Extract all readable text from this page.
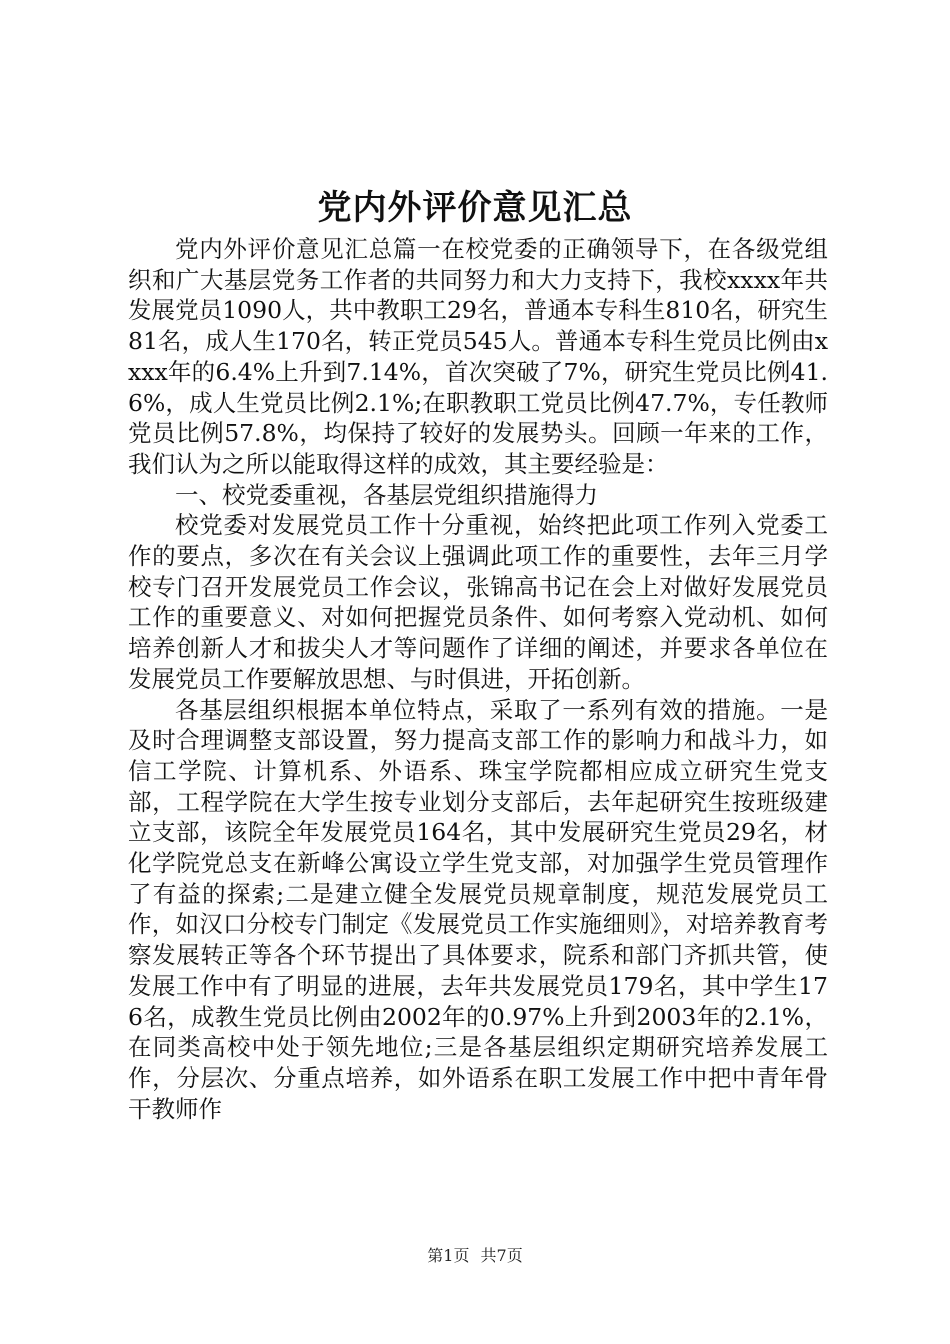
党内外评价意见汇总

党内外评价意见汇总篇一在校党委的正确领导下，在各级党组织和广大基层党务工作者的共同努力和大力支持下，我校xxxx年共发展党员1090人，共中教职工29名，普通本专科生810名，研究生81名，成人生170名，转正党员545人。普通本专科生党员比例由xxxx年的6.4%上升到7.14%，首次突破了7%，研究生党员比例41.6%，成人生党员比例2.1%;在职教职工党员比例47.7%，专任教师党员比例57.8%，均保持了较好的发展势头。回顾一年来的工作，我们认为之所以能取得这样的成效，其主要经验是：

一、校党委重视，各基层党组织措施得力

校党委对发展党员工作十分重视，始终把此项工作列入党委工作的要点，多次在有关会议上强调此项工作的重要性，去年三月学校专门召开发展党员工作会议，张锦高书记在会上对做好发展党员工作的重要意义、对如何把握党员条件、如何考察入党动机、如何培养创新人才和拔尖人才等问题作了详细的阐述，并要求各单位在发展党员工作要解放思想、与时俱进，开拓创新。

各基层组织根据本单位特点，采取了一系列有效的措施。一是及时合理调整支部设置，努力提高支部工作的影响力和战斗力，如信工学院、计算机系、外语系、珠宝学院都相应成立研究生党支部，工程学院在大学生按专业划分支部后，去年起研究生按班级建立支部，该院全年发展党员164名，其中发展研究生党员29名，材化学院党总支在新峰公寓设立学生党支部，对加强学生党员管理作了有益的探索;二是建立健全发展党员规章制度，规范发展党员工作，如汉口分校专门制定《发展党员工作实施细则》，对培养教育考察发展转正等各个环节提出了具体要求，院系和部门齐抓共管，使发展工作中有了明显的进展，去年共发展党员179名，其中学生176名，成教生党员比例由2002年的0.97%上升到2003年的2.1%，在同类高校中处于领先地位;三是各基层组织定期研究培养发展工作，分层次、分重点培养，如外语系在职工发展工作中把中青年骨干教师作

第1页 共7页
